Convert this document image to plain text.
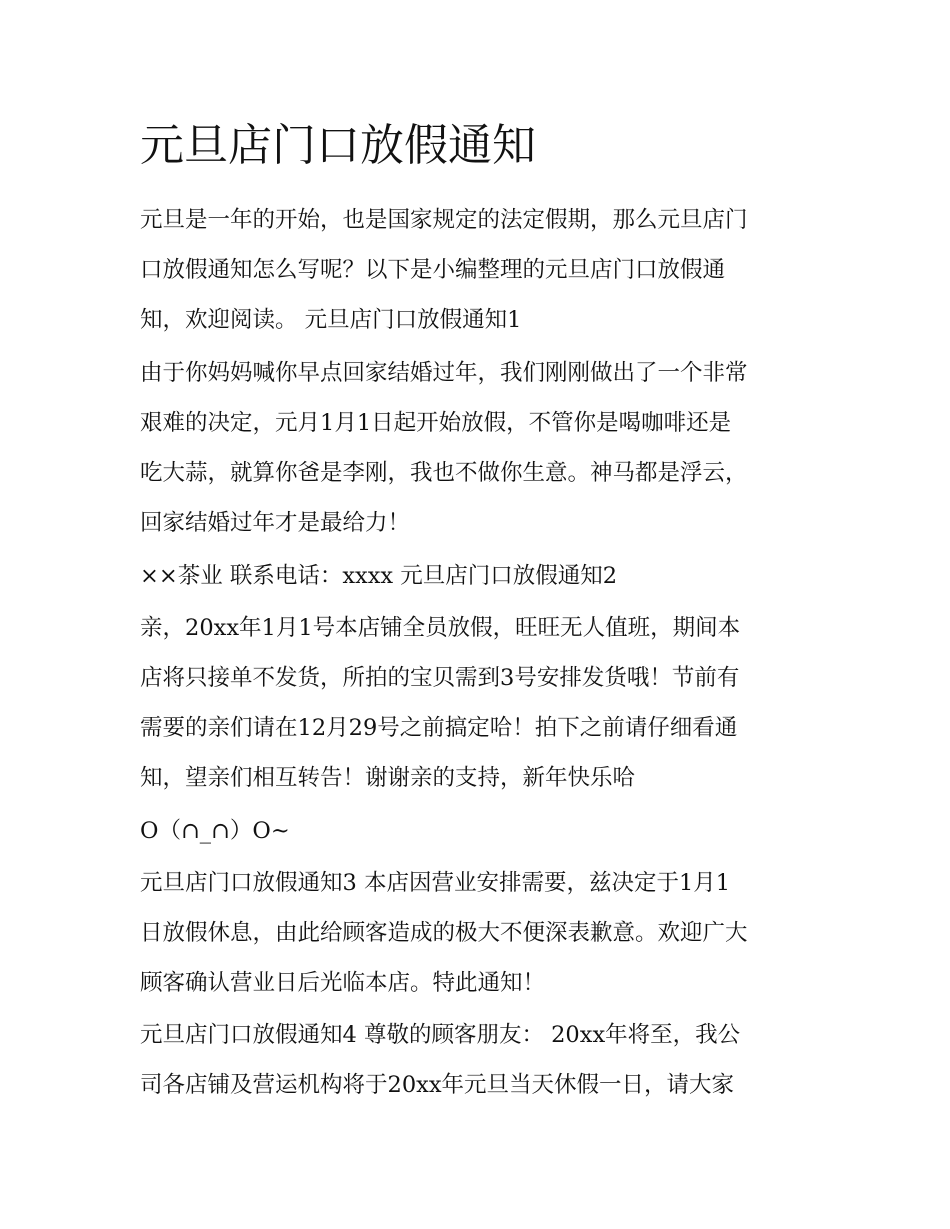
元旦店门口放假通知

元旦是一年的开始，也是国家规定的法定假期，那么元旦店门

口放假通知怎么写呢？以下是小编整理的元旦店门口放假通

知，欢迎阅读。 元旦店门口放假通知1

由于你妈妈喊你早点回家结婚过年，我们刚刚做出了一个非常

艰难的决定，元月1月1日起开始放假，不管你是喝咖啡还是

吃大蒜，就算你爸是李刚，我也不做你生意。神马都是浮云，

回家结婚过年才是最给力！

××茶业 联系电话：xxxx 元旦店门口放假通知2

亲，20xx年1月1号本店铺全员放假，旺旺无人值班，期间本

店将只接单不发货，所拍的宝贝需到3号安排发货哦！节前有

需要的亲们请在12月29号之前搞定哈！拍下之前请仔细看通

知，望亲们相互转告！谢谢亲的支持，新年快乐哈

O（∩_∩）O~

元旦店门口放假通知3 本店因营业安排需要，兹决定于1月1

日放假休息，由此给顾客造成的极大不便深表歉意。欢迎广大

顾客确认营业日后光临本店。特此通知！

元旦店门口放假通知4 尊敬的顾客朋友： 20xx年将至，我公

司各店铺及营运机构将于20xx年元旦当天休假一日，请大家
